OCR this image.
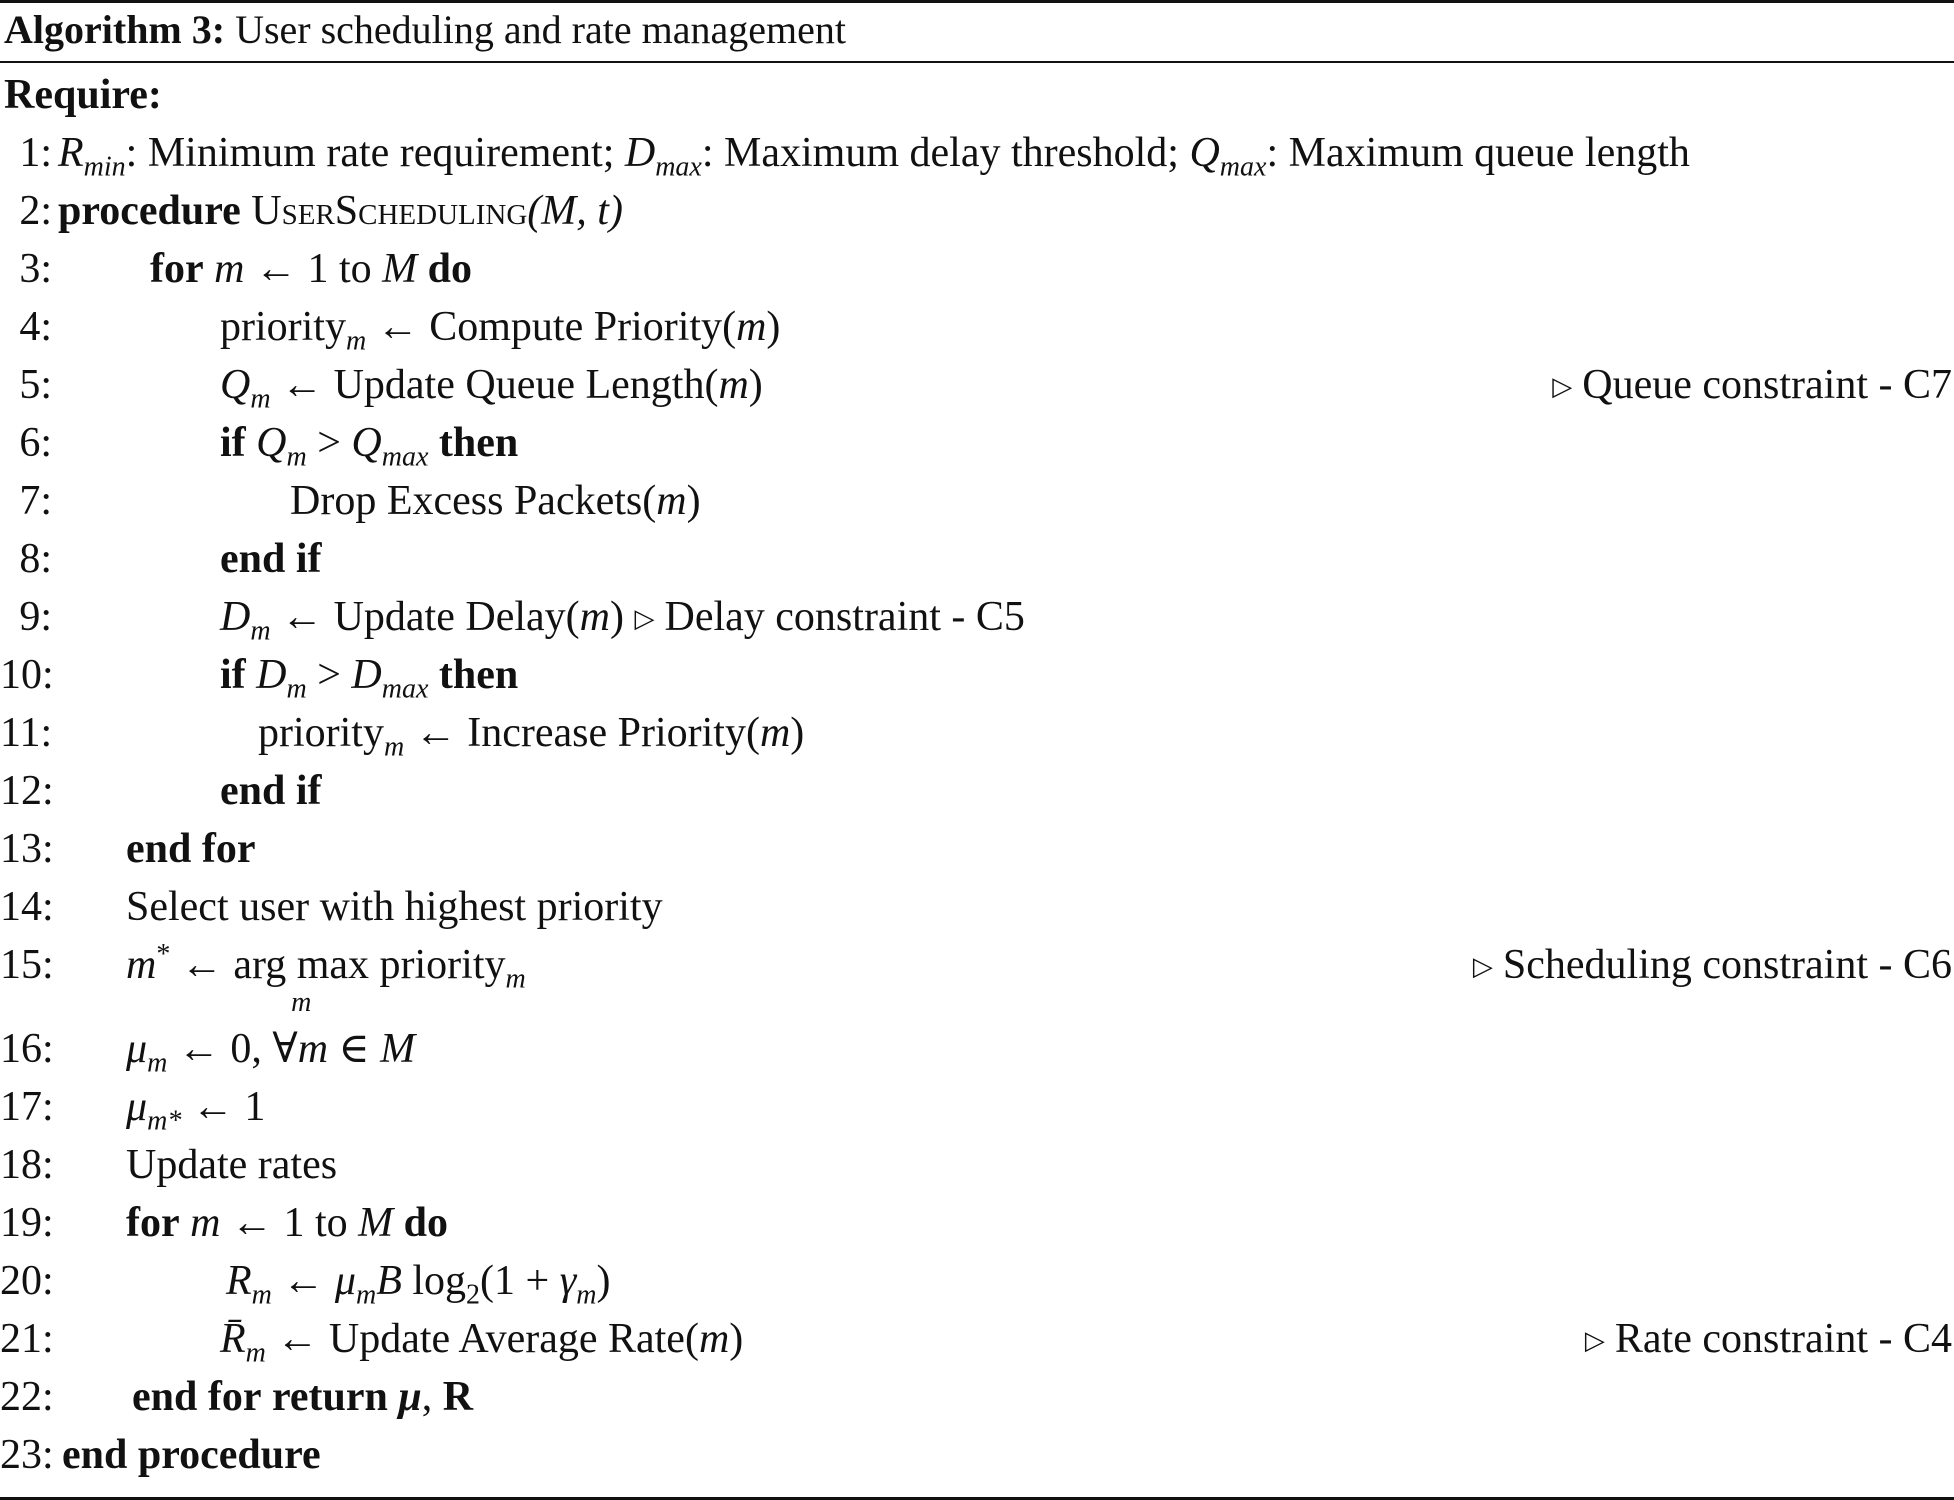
Algorithm 3: User scheduling and rate management
Require:
1: $R_{min}$: Minimum rate requirement; $D_{max}$: Maximum delay threshold; $Q_{max}$: Maximum queue length
2: procedure UserScheduling(M, t)
3: for m ← 1 to M do
4:	priority$_m$ ← Compute Priority(m)
5:	$Q_m$ ← Update Queue Length(m)	▷ Queue constraint - C7
6:	if $Q_m > Q_{max}$ then
7:	Drop Excess Packets(m)
8:	end if
9:	$D_m$ ← Update Delay(m) ▷ Delay constraint - C5
10:	if $D_m > D_{max}$ then
11:	priority$_m$ ← Increase Priority(m)
12:	end if
13: end for
14: Select user with highest priority
15: m* ← arg max
m
priority$_m$	▷ Scheduling constraint - C6
16: $\mu_m$ ← 0, ∀m ∈ M
17: $\mu_{m*}$ ← 1
18: Update rates
19: for m ← 1 to M do
20:	$R_m$ ← $\mu_mB$ $\log_2(1 + \gamma_m)$
21:	$R̄_m$ ← Update Average Rate(m)	▷ Rate constraint - C4
22: end for return μ, R
23: end procedure
